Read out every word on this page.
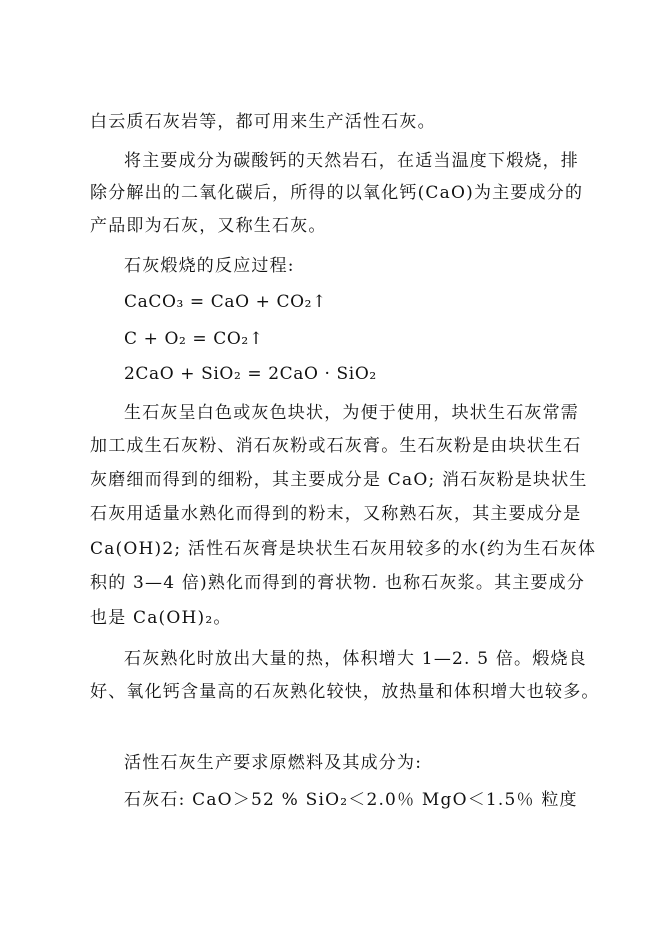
白云质石灰岩等，都可用来生产活性石灰。
将主要成分为碳酸钙的天然岩石，在适当温度下煅烧，排
除分解出的二氧化碳后，所得的以氧化钙(CaO)为主要成分的
产品即为石灰，又称生石灰。
石灰煅烧的反应过程:
CaCO₃ = CaO + CO₂↑
C + O₂ = CO₂↑
2CaO + SiO₂ = 2CaO · SiO₂
生石灰呈白色或灰色块状，为便于使用，块状生石灰常需
加工成生石灰粉、消石灰粉或石灰膏。生石灰粉是由块状生石
灰磨细而得到的细粉，其主要成分是 CaO; 消石灰粉是块状生
石灰用适量水熟化而得到的粉末，又称熟石灰，其主要成分是
Ca(OH)2; 活性石灰膏是块状生石灰用较多的水(约为生石灰体
积的 3—4 倍)熟化而得到的膏状物. 也称石灰浆。其主要成分
也是 Ca(OH)₂。
石灰熟化时放出大量的热，体积增大 1—2. 5 倍。煅烧良
好、氧化钙含量高的石灰熟化较快，放热量和体积增大也较多。
活性石灰生产要求原燃料及其成分为:
石灰石: CaO＞52 % SiO₂＜2.0％ MgO＜1.5％ 粒度
